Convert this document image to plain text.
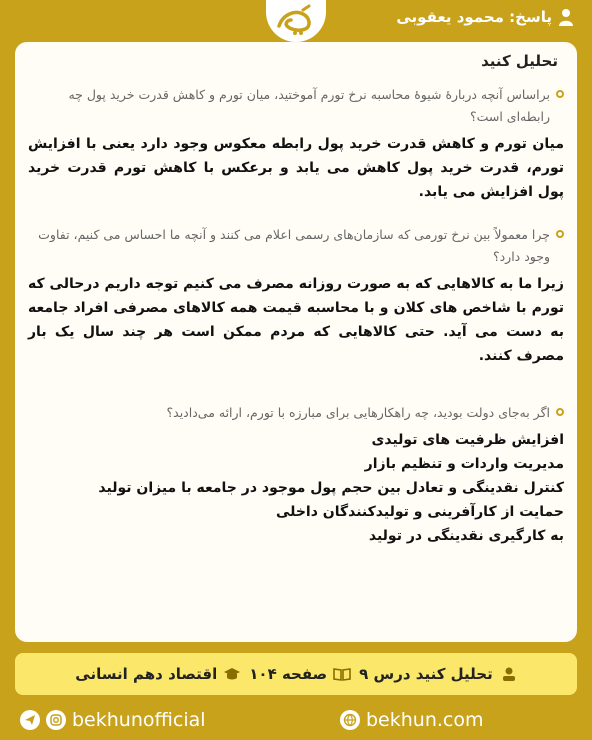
پاسخ: محمود یعقوبی
تحلیل کنید
براساس آنچه دربارۀ شیوۀ محاسبه نرخ تورم آموختید، میان تورم و کاهش قدرت خرید پول چه رابطه‌ای است؟
میان تورم و کاهش قدرت خرید پول رابطه معکوس وجود دارد یعنی با افزایش تورم، قدرت خرید پول کاهش می یابد و برعکس با کاهش تورم قدرت خرید پول افزایش می یابد.
چرا معمولاً بین نرخ تورمی که سازمان‌های رسمی اعلام می کنند و آنچه ما احساس می کنیم، تفاوت وجود دارد؟
زیرا ما به کالاهایی که به صورت روزانه مصرف می کنیم توجه داریم درحالی که تورم با شاخص های کلان و با محاسبه قیمت همه کالاهای مصرفی افراد جامعه به دست می آید. حتی کالاهایی که مردم ممکن است هر چند سال یک بار مصرف کنند.
اگر به‌جای دولت بودید، چه راهکارهایی برای مبارزه با تورم، ارائه می‌دادید؟
افزایش ظرفیت های تولیدی
مدیریت واردات و تنظیم بازار
کنترل نقدینگی و تعادل بین حجم پول موجود در جامعه با میزان تولید
حمایت از کارآفرینی و تولیدکنندگان داخلی
به کارگیری نقدینگی در تولید
تحلیل کنید درس ۹
صفحه ۱۰۴
اقتصاد دهم انسانی
bekhunofficial	bekhun.com
